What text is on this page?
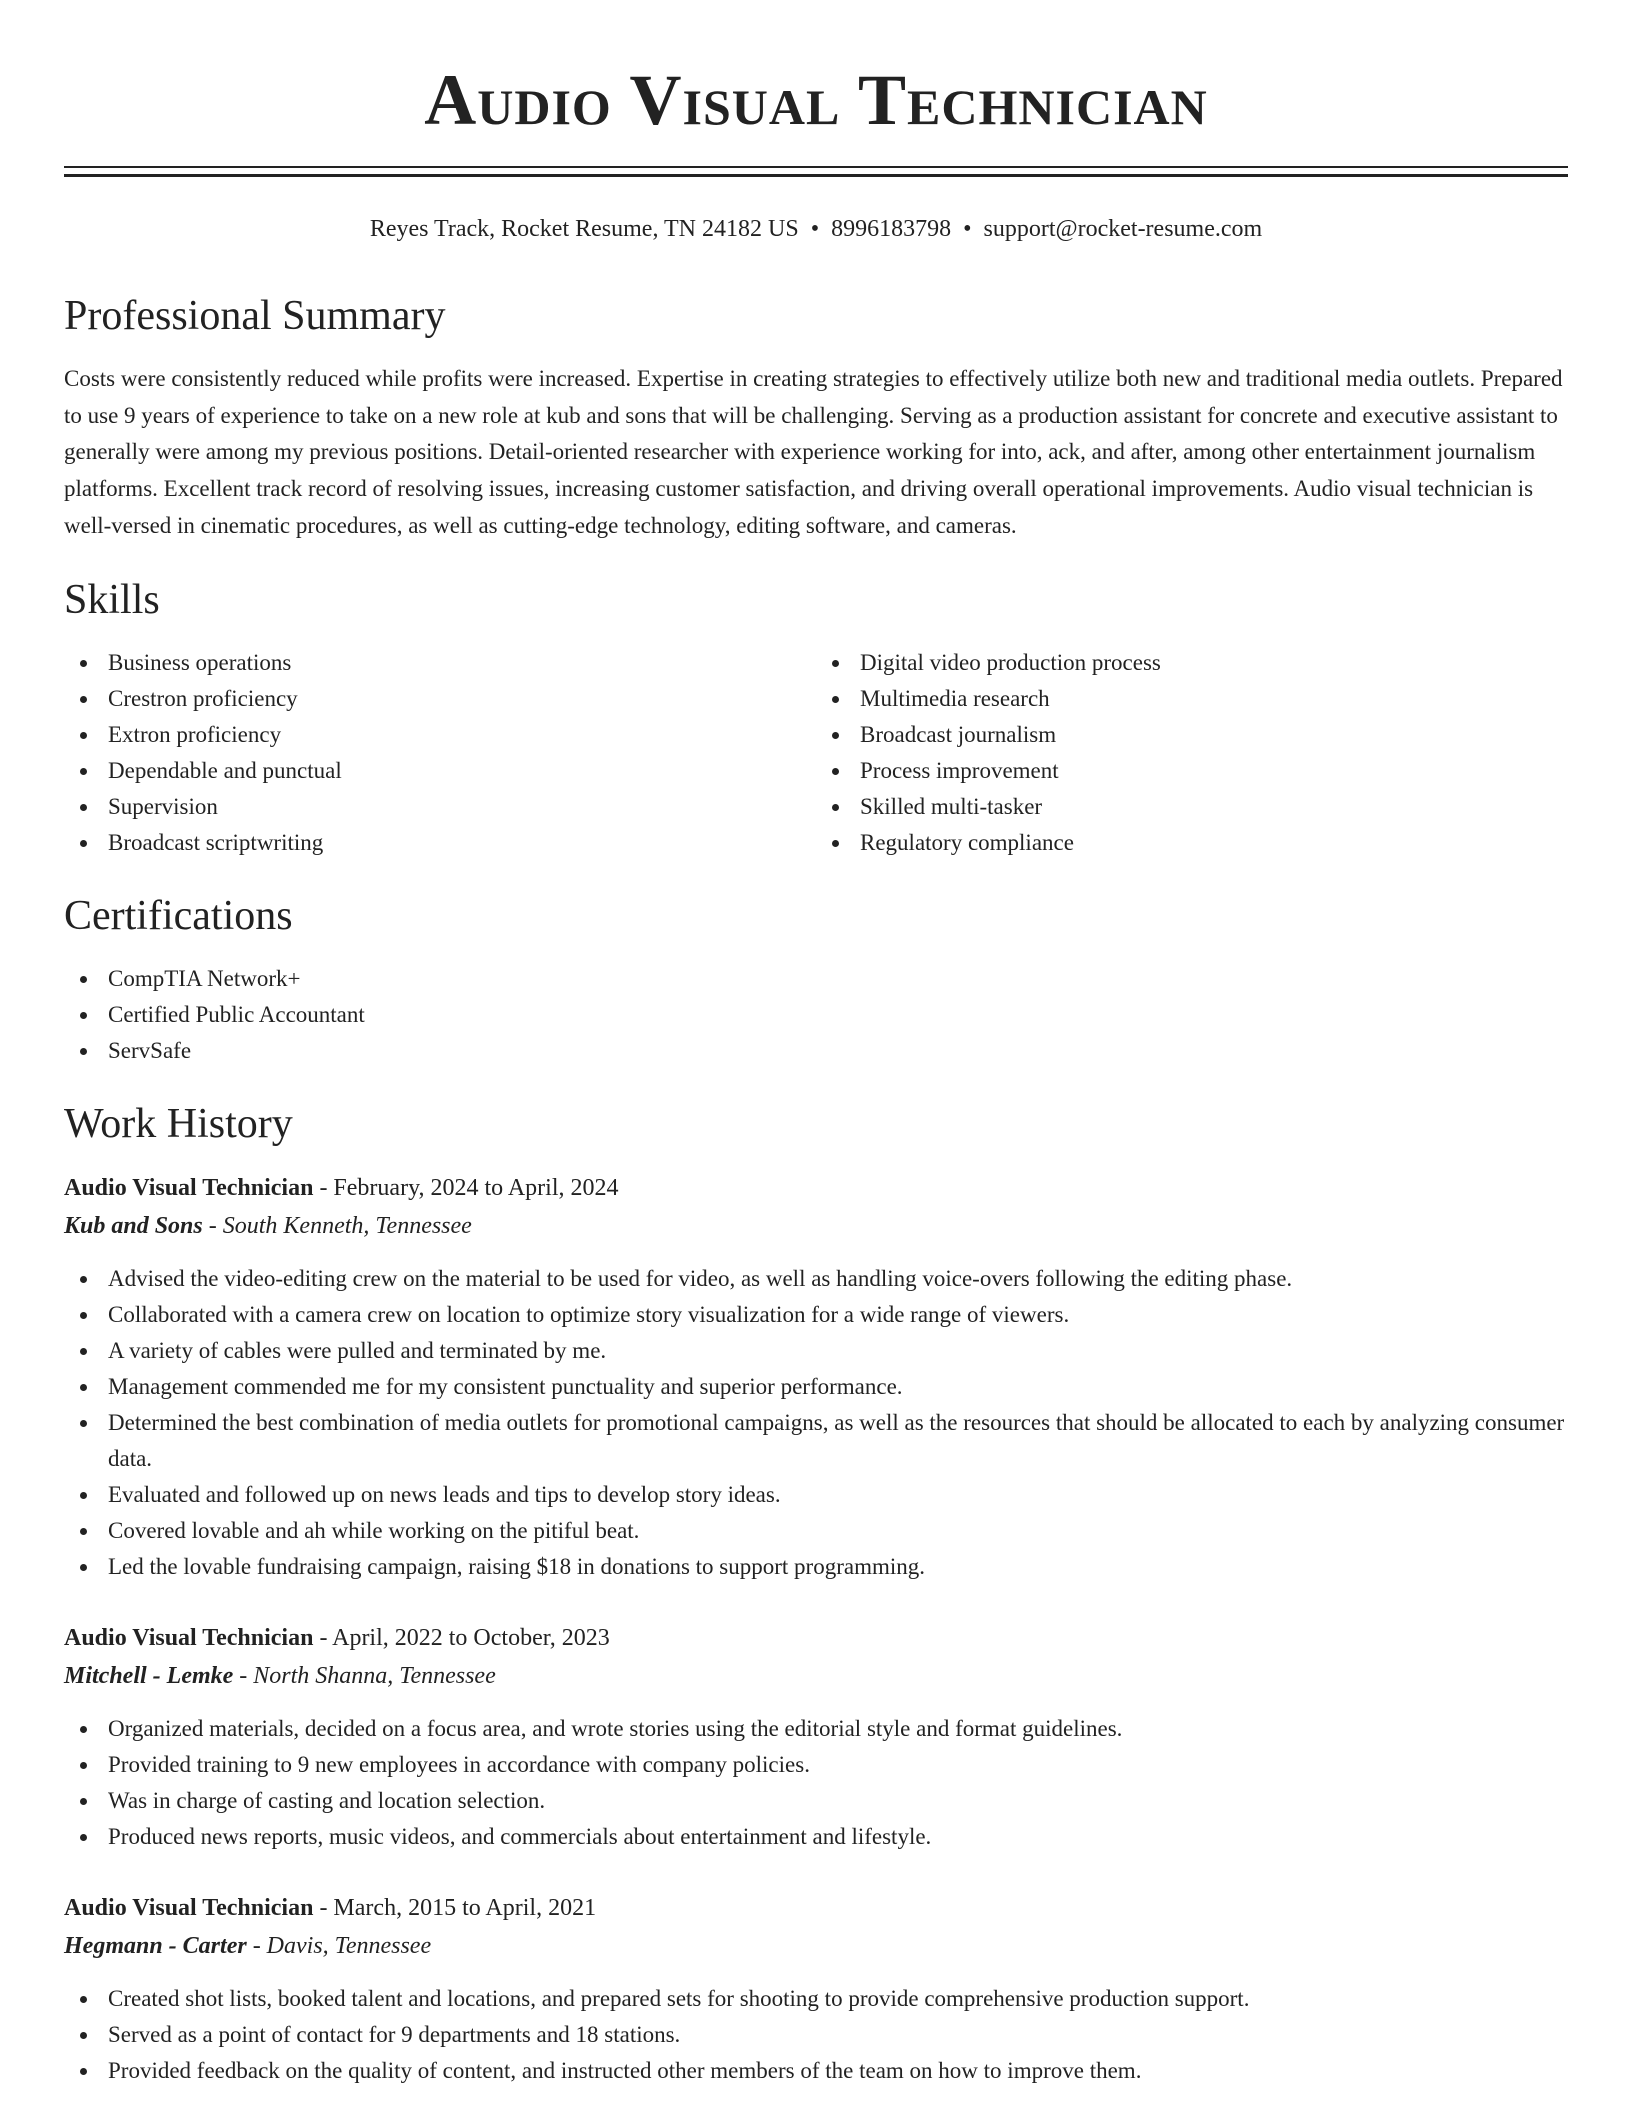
Audio Visual Technician
Reyes Track, Rocket Resume, TN 24182 US • 8996183798 • support@rocket-resume.com
Professional Summary

Costs were consistently reduced while profits were increased. Expertise in creating strategies to effectively utilize both new and traditional media outlets. Prepared to use 9 years of experience to take on a new role at kub and sons that will be challenging. Serving as a production assistant for concrete and executive assistant to generally were among my previous positions. Detail-oriented researcher with experience working for into, ack, and after, among other entertainment journalism platforms. Excellent track record of resolving issues, increasing customer satisfaction, and driving overall operational improvements. Audio visual technician is well-versed in cinematic procedures, as well as cutting-edge technology, editing software, and cameras.

Skills
Business operations
Crestron proficiency
Extron proficiency
Dependable and punctual
Supervision
Broadcast scriptwriting
Digital video production process
Multimedia research
Broadcast journalism
Process improvement
Skilled multi-tasker
Regulatory compliance
Certifications
CompTIA Network+
Certified Public Accountant
ServSafe
Work History
Audio Visual Technician - February, 2024 to April, 2024
Kub and Sons - South Kenneth, Tennessee
Advised the video-editing crew on the material to be used for video, as well as handling voice-overs following the editing phase.
Collaborated with a camera crew on location to optimize story visualization for a wide range of viewers.
A variety of cables were pulled and terminated by me.
Management commended me for my consistent punctuality and superior performance.
Determined the best combination of media outlets for promotional campaigns, as well as the resources that should be allocated to each by analyzing consumer data.
Evaluated and followed up on news leads and tips to develop story ideas.
Covered lovable and ah while working on the pitiful beat.
Led the lovable fundraising campaign, raising $18 in donations to support programming.
Audio Visual Technician - April, 2022 to October, 2023
Mitchell - Lemke - North Shanna, Tennessee
Organized materials, decided on a focus area, and wrote stories using the editorial style and format guidelines.
Provided training to 9 new employees in accordance with company policies.
Was in charge of casting and location selection.
Produced news reports, music videos, and commercials about entertainment and lifestyle.
Audio Visual Technician - March, 2015 to April, 2021
Hegmann - Carter - Davis, Tennessee
Created shot lists, booked talent and locations, and prepared sets for shooting to provide comprehensive production support.
Served as a point of contact for 9 departments and 18 stations.
Provided feedback on the quality of content, and instructed other members of the team on how to improve them.
